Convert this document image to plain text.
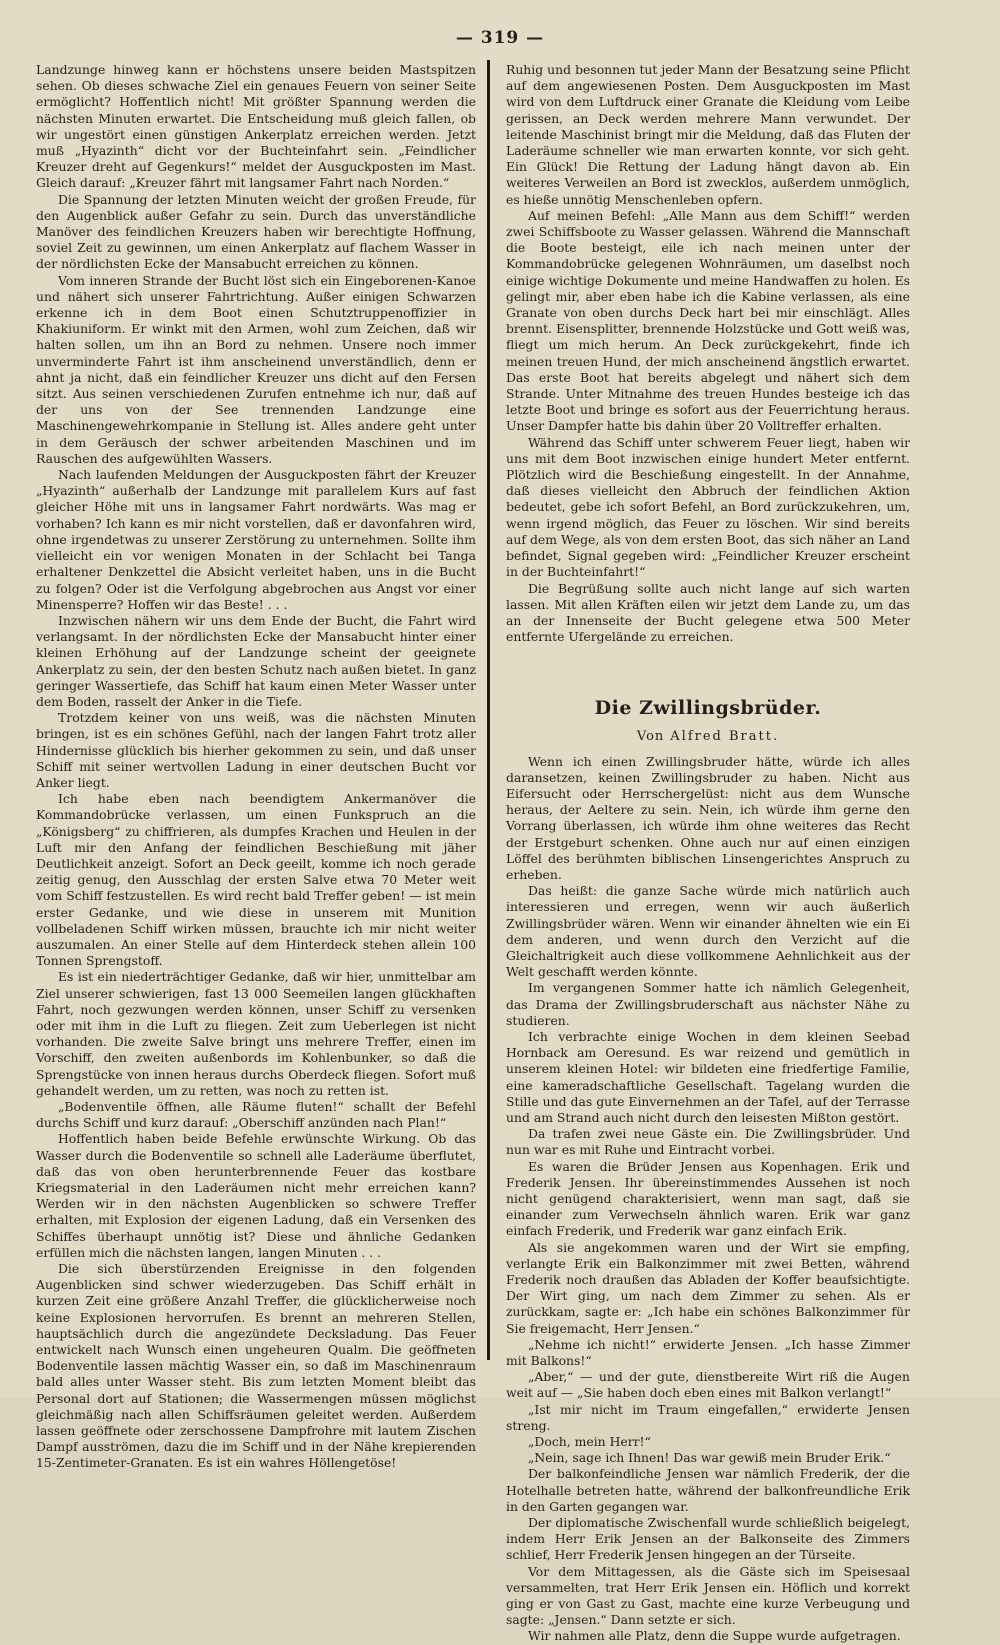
— 319 —

Landzunge hinweg kann er höchstens unsere beiden Mastspitzen sehen. Ob dieses schwache Ziel ein genaues Feuern von seiner Seite ermöglicht? Hoffentlich nicht! Mit größter Spannung werden die nächsten Minuten erwartet. Die Entscheidung muß gleich fallen, ob wir ungestört einen günstigen Ankerplatz erreichen werden. Jetzt muß „Hyazinth“ dicht vor der Buchteinfahrt sein. „Feindlicher Kreuzer dreht auf Gegenkurs!“ meldet der Ausguckposten im Mast. Gleich darauf: „Kreuzer fährt mit langsamer Fahrt nach Norden.“

Die Spannung der letzten Minuten weicht der großen Freude, für den Augenblick außer Gefahr zu sein. Durch das unverständliche Manöver des feindlichen Kreuzers haben wir berechtigte Hoffnung, soviel Zeit zu gewinnen, um einen Ankerplatz auf flachem Wasser in der nördlichsten Ecke der Mansabucht erreichen zu können.

Vom inneren Strande der Bucht löst sich ein Eingeborenen-Kanoe und nähert sich unserer Fahrtrichtung. Außer einigen Schwarzen erkenne ich in dem Boot einen Schutztruppenoffizier in Khakiuniform. Er winkt mit den Armen, wohl zum Zeichen, daß wir halten sollen, um ihn an Bord zu nehmen. Unsere noch immer unverminderte Fahrt ist ihm anscheinend unverständlich, denn er ahnt ja nicht, daß ein feindlicher Kreuzer uns dicht auf den Fersen sitzt. Aus seinen verschiedenen Zurufen entnehme ich nur, daß auf der uns von der See trennenden Landzunge eine Maschinengewehrkompanie in Stellung ist. Alles andere geht unter in dem Geräusch der schwer arbeitenden Maschinen und im Rauschen des aufgewühlten Wassers.

Nach laufenden Meldungen der Ausguckposten fährt der Kreuzer „Hyazinth“ außerhalb der Landzunge mit parallelem Kurs auf fast gleicher Höhe mit uns in langsamer Fahrt nordwärts. Was mag er vorhaben? Ich kann es mir nicht vorstellen, daß er davonfahren wird, ohne irgendetwas zu unserer Zerstörung zu unternehmen. Sollte ihm vielleicht ein vor wenigen Monaten in der Schlacht bei Tanga erhaltener Denkzettel die Absicht verleitet haben, uns in die Bucht zu folgen? Oder ist die Verfolgung abgebrochen aus Angst vor einer Minensperre? Hoffen wir das Beste! . . .

Inzwischen nähern wir uns dem Ende der Bucht, die Fahrt wird verlangsamt. In der nördlichsten Ecke der Mansabucht hinter einer kleinen Erhöhung auf der Landzunge scheint der geeignete Ankerplatz zu sein, der den besten Schutz nach außen bietet. In ganz geringer Wassertiefe, das Schiff hat kaum einen Meter Wasser unter dem Boden, rasselt der Anker in die Tiefe.

Trotzdem keiner von uns weiß, was die nächsten Minuten bringen, ist es ein schönes Gefühl, nach der langen Fahrt trotz aller Hindernisse glücklich bis hierher gekommen zu sein, und daß unser Schiff mit seiner wertvollen Ladung in einer deutschen Bucht vor Anker liegt.

Ich habe eben nach beendigtem Ankermanöver die Kommandobrücke verlassen, um einen Funkspruch an die „Königsberg“ zu chiffrieren, als dumpfes Krachen und Heulen in der Luft mir den Anfang der feindlichen Beschießung mit jäher Deutlichkeit anzeigt. Sofort an Deck geeilt, komme ich noch gerade zeitig genug, den Ausschlag der ersten Salve etwa 70 Meter weit vom Schiff festzustellen. Es wird recht bald Treffer geben! — ist mein erster Gedanke, und wie diese in unserem mit Munition vollbeladenen Schiff wirken müssen, brauchte ich mir nicht weiter auszumalen. An einer Stelle auf dem Hinterdeck stehen allein 100 Tonnen Sprengstoff.

Es ist ein niederträchtiger Gedanke, daß wir hier, unmittelbar am Ziel unserer schwierigen, fast 13 000 Seemeilen langen glückhaften Fahrt, noch gezwungen werden können, unser Schiff zu versenken oder mit ihm in die Luft zu fliegen. Zeit zum Ueberlegen ist nicht vorhanden. Die zweite Salve bringt uns mehrere Treffer, einen im Vorschiff, den zweiten außenbords im Kohlenbunker, so daß die Sprengstücke von innen heraus durchs Oberdeck fliegen. Sofort muß gehandelt werden, um zu retten, was noch zu retten ist.

„Bodenventile öffnen, alle Räume fluten!“ schallt der Befehl durchs Schiff und kurz darauf: „Oberschiff anzünden nach Plan!“

Hoffentlich haben beide Befehle erwünschte Wirkung. Ob das Wasser durch die Bodenventile so schnell alle Laderäume überflutet, daß das von oben herunterbrennende Feuer das kostbare Kriegsmaterial in den Laderäumen nicht mehr erreichen kann? Werden wir in den nächsten Augenblicken so schwere Treffer erhalten, mit Explosion der eigenen Ladung, daß ein Versenken des Schiffes überhaupt unnötig ist? Diese und ähnliche Gedanken erfüllen mich die nächsten langen, langen Minuten . . .

Die sich überstürzenden Ereignisse in den folgenden Augenblicken sind schwer wiederzugeben. Das Schiff erhält in kurzen Zeit eine größere Anzahl Treffer, die glücklicherweise noch keine Explosionen hervorrufen. Es brennt an mehreren Stellen, hauptsächlich durch die angezündete Decksladung. Das Feuer entwickelt nach Wunsch einen ungeheuren Qualm. Die geöffneten Bodenventile lassen mächtig Wasser ein, so daß im Maschinenraum bald alles unter Wasser steht. Bis zum letzten Moment bleibt das Personal dort auf Stationen; die Wassermengen müssen möglichst gleichmäßig nach allen Schiffsräumen geleitet werden. Außerdem lassen geöffnete oder zerschossene Dampfrohre mit lautem Zischen Dampf ausströmen, dazu die im Schiff und in der Nähe krepierenden 15-Zentimeter-Granaten. Es ist ein wahres Höllengetöse!

Ruhig und besonnen tut jeder Mann der Besatzung seine Pflicht auf dem angewiesenen Posten. Dem Ausguckposten im Mast wird von dem Luftdruck einer Granate die Kleidung vom Leibe gerissen, an Deck werden mehrere Mann verwundet. Der leitende Maschinist bringt mir die Meldung, daß das Fluten der Laderäume schneller wie man erwarten konnte, vor sich geht. Ein Glück! Die Rettung der Ladung hängt davon ab. Ein weiteres Verweilen an Bord ist zwecklos, außerdem unmöglich, es hieße unnötig Menschenleben opfern.

Auf meinen Befehl: „Alle Mann aus dem Schiff!“ werden zwei Schiffsboote zu Wasser gelassen. Während die Mannschaft die Boote besteigt, eile ich nach meinen unter der Kommandobrücke gelegenen Wohnräumen, um daselbst noch einige wichtige Dokumente und meine Handwaffen zu holen. Es gelingt mir, aber eben habe ich die Kabine verlassen, als eine Granate von oben durchs Deck hart bei mir einschlägt. Alles brennt. Eisensplitter, brennende Holzstücke und Gott weiß was, fliegt um mich herum. An Deck zurückgekehrt, finde ich meinen treuen Hund, der mich anscheinend ängstlich erwartet. Das erste Boot hat bereits abgelegt und nähert sich dem Strande. Unter Mitnahme des treuen Hundes besteige ich das letzte Boot und bringe es sofort aus der Feuerrichtung heraus. Unser Dampfer hatte bis dahin über 20 Volltreffer erhalten.

Während das Schiff unter schwerem Feuer liegt, haben wir uns mit dem Boot inzwischen einige hundert Meter entfernt. Plötzlich wird die Beschießung eingestellt. In der Annahme, daß dieses vielleicht den Abbruch der feindlichen Aktion bedeutet, gebe ich sofort Befehl, an Bord zurückzukehren, um, wenn irgend möglich, das Feuer zu löschen. Wir sind bereits auf dem Wege, als von dem ersten Boot, das sich näher an Land befindet, Signal gegeben wird: „Feindlicher Kreuzer erscheint in der Buchteinfahrt!“

Die Begrüßung sollte auch nicht lange auf sich warten lassen. Mit allen Kräften eilen wir jetzt dem Lande zu, um das an der Innenseite der Bucht gelegene etwa 500 Meter entfernte Ufergelände zu erreichen.

Die Zwillingsbrüder.
Von Alfred Bratt.

Wenn ich einen Zwillingsbruder hätte, würde ich alles daransetzen, keinen Zwillingsbruder zu haben. Nicht aus Eifersucht oder Herrschergelüst: nicht aus dem Wunsche heraus, der Aeltere zu sein. Nein, ich würde ihm gerne den Vorrang überlassen, ich würde ihm ohne weiteres das Recht der Erstgeburt schenken. Ohne auch nur auf einen einzigen Löffel des berühmten biblischen Linsengerichtes Anspruch zu erheben.

Das heißt: die ganze Sache würde mich natürlich auch interessieren und erregen, wenn wir auch äußerlich Zwillingsbrüder wären. Wenn wir einander ähnelten wie ein Ei dem anderen, und wenn durch den Verzicht auf die Gleichaltrigkeit auch diese vollkommene Aehnlichkeit aus der Welt geschafft werden könnte.

Im vergangenen Sommer hatte ich nämlich Gelegenheit, das Drama der Zwillingsbruderschaft aus nächster Nähe zu studieren.

Ich verbrachte einige Wochen in dem kleinen Seebad Hornback am Oeresund. Es war reizend und gemütlich in unserem kleinen Hotel: wir bildeten eine friedfertige Familie, eine kameradschaftliche Gesellschaft. Tagelang wurden die Stille und das gute Einvernehmen an der Tafel, auf der Terrasse und am Strand auch nicht durch den leisesten Mißton gestört.

Da trafen zwei neue Gäste ein. Die Zwillingsbrüder. Und nun war es mit Ruhe und Eintracht vorbei.

Es waren die Brüder Jensen aus Kopenhagen. Erik und Frederik Jensen. Ihr übereinstimmendes Aussehen ist noch nicht genügend charakterisiert, wenn man sagt, daß sie einander zum Verwechseln ähnlich waren. Erik war ganz einfach Frederik, und Frederik war ganz einfach Erik.

Als sie angekommen waren und der Wirt sie empfing, verlangte Erik ein Balkonzimmer mit zwei Betten, während Frederik noch draußen das Abladen der Koffer beaufsichtigte. Der Wirt ging, um nach dem Zimmer zu sehen. Als er zurückkam, sagte er: „Ich habe ein schönes Balkonzimmer für Sie freigemacht, Herr Jensen.“

„Nehme ich nicht!“ erwiderte Jensen. „Ich hasse Zimmer mit Balkons!“

„Aber,“ — und der gute, dienstbereite Wirt riß die Augen weit auf — „Sie haben doch eben eines mit Balkon verlangt!“

„Ist mir nicht im Traum eingefallen,“ erwiderte Jensen streng.

„Doch, mein Herr!“

„Nein, sage ich Ihnen! Das war gewiß mein Bruder Erik.“

Der balkonfeindliche Jensen war nämlich Frederik, der die Hotelhalle betreten hatte, während der balkonfreundliche Erik in den Garten gegangen war.

Der diplomatische Zwischenfall wurde schließlich beigelegt, indem Herr Erik Jensen an der Balkonseite des Zimmers schlief, Herr Frederik Jensen hingegen an der Türseite.

Vor dem Mittagessen, als die Gäste sich im Speisesaal versammelten, trat Herr Erik Jensen ein. Höflich und korrekt ging er von Gast zu Gast, machte eine kurze Verbeugung und sagte: „Jensen.“ Dann setzte er sich.

Wir nahmen alle Platz, denn die Suppe wurde aufgetragen.
